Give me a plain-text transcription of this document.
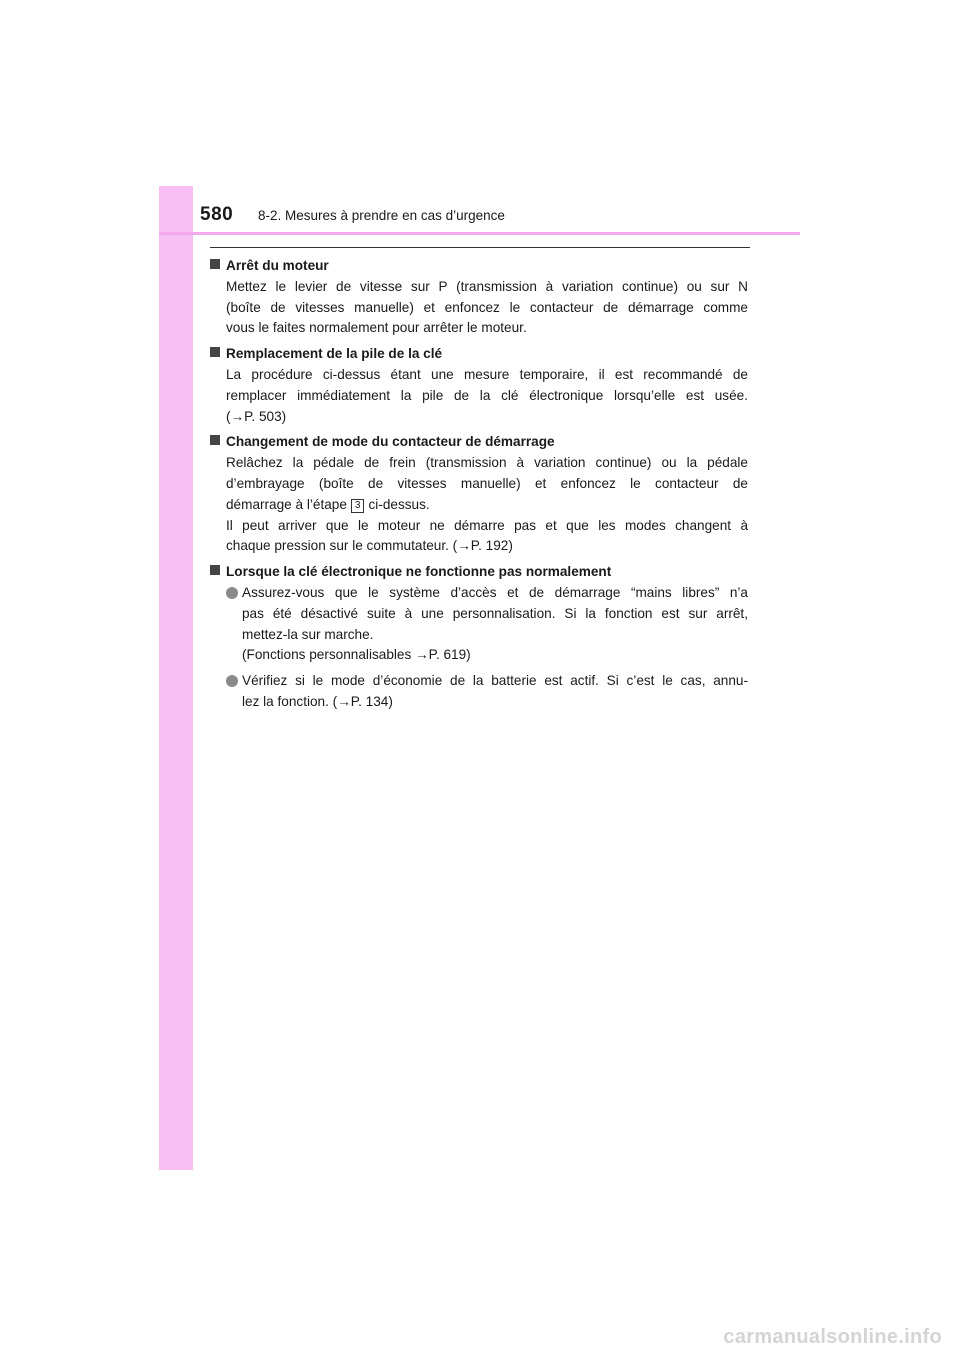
580 8-2. Mesures à prendre en cas d’urgence
Arrêt du moteur
Mettez le levier de vitesse sur P (transmission à variation continue) ou sur N
(boîte de vitesses manuelle) et enfoncez le contacteur de démarrage comme
vous le faites normalement pour arrêter le moteur.
Remplacement de la pile de la clé
La procédure ci-dessus étant une mesure temporaire, il est recommandé de
remplacer immédiatement la pile de la clé électronique lorsqu’elle est usée.
(→P. 503)
Changement de mode du contacteur de démarrage
Relâchez la pédale de frein (transmission à variation continue) ou la pédale
d’embrayage (boîte de vitesses manuelle) et enfoncez le contacteur de
démarrage à l’étape 3 ci-dessus.
Il peut arriver que le moteur ne démarre pas et que les modes changent à
chaque pression sur le commutateur. (→P. 192)
Lorsque la clé électronique ne fonctionne pas normalement
Assurez-vous que le système d’accès et de démarrage “mains libres” n’a
pas été désactivé suite à une personnalisation. Si la fonction est sur arrêt,
mettez-la sur marche.
(Fonctions personnalisables →P. 619)
Vérifiez si le mode d’économie de la batterie est actif. Si c’est le cas, annu-
lez la fonction. (→P. 134)
carmanualsonline.info
